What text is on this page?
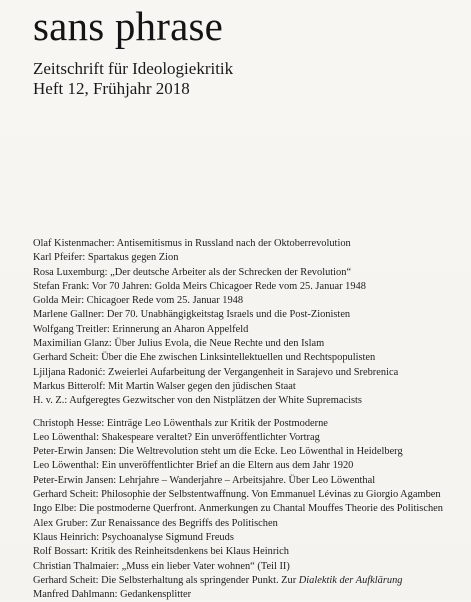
sans phrase
Zeitschrift für Ideologiekritik
Heft 12, Frühjahr 2018
Olaf Kistenmacher: Antisemitismus in Russland nach der Oktoberrevolution
Karl Pfeifer: Spartakus gegen Zion
Rosa Luxemburg: „Der deutsche Arbeiter als der Schrecken der Revolution“
Stefan Frank: Vor 70 Jahren: Golda Meirs Chicagoer Rede vom 25. Januar 1948
Golda Meir: Chicagoer Rede vom 25. Januar 1948
Marlene Gallner: Der 70. Unabhängigkeitstag Israels und die Post-Zionisten
Wolfgang Treitler: Erinnerung an Aharon Appelfeld
Maximilian Glanz: Über Julius Evola, die Neue Rechte und den Islam
Gerhard Scheit: Über die Ehe zwischen Linksintellektuellen und Rechtspopulisten
Ljiljana Radonić: Zweierlei Aufarbeitung der Vergangenheit in Sarajevo und Srebrenica
Markus Bitterolf: Mit Martin Walser gegen den jüdischen Staat
H. v. Z.: Aufgeregtes Gezwitscher von den Nistplätzen der White Supremacists
Christoph Hesse: Einträge Leo Löwenthals zur Kritik der Postmoderne
Leo Löwenthal: Shakespeare veraltet? Ein unveröffentlichter Vortrag
Peter-Erwin Jansen: Die Weltrevolution steht um die Ecke. Leo Löwenthal in Heidelberg
Leo Löwenthal: Ein unveröffentlichter Brief an die Eltern aus dem Jahr 1920
Peter-Erwin Jansen: Lehrjahre – Wanderjahre – Arbeitsjahre. Über Leo Löwenthal
Gerhard Scheit: Philosophie der Selbstentwaffnung. Von Emmanuel Lévinas zu Giorgio Agamben
Ingo Elbe: Die postmoderne Querfront. Anmerkungen zu Chantal Mouffes Theorie des Politischen
Alex Gruber: Zur Renaissance des Begriffs des Politischen
Klaus Heinrich: Psychoanalyse Sigmund Freuds
Rolf Bossart: Kritik des Reinheitsdenkens bei Klaus Heinrich
Christian Thalmaier: „Muss ein lieber Vater wohnen“ (Teil II)
Gerhard Scheit: Die Selbsterhaltung als springender Punkt. Zur Dialektik der Aufklärung
Manfred Dahlmann: Gedankensplitter
